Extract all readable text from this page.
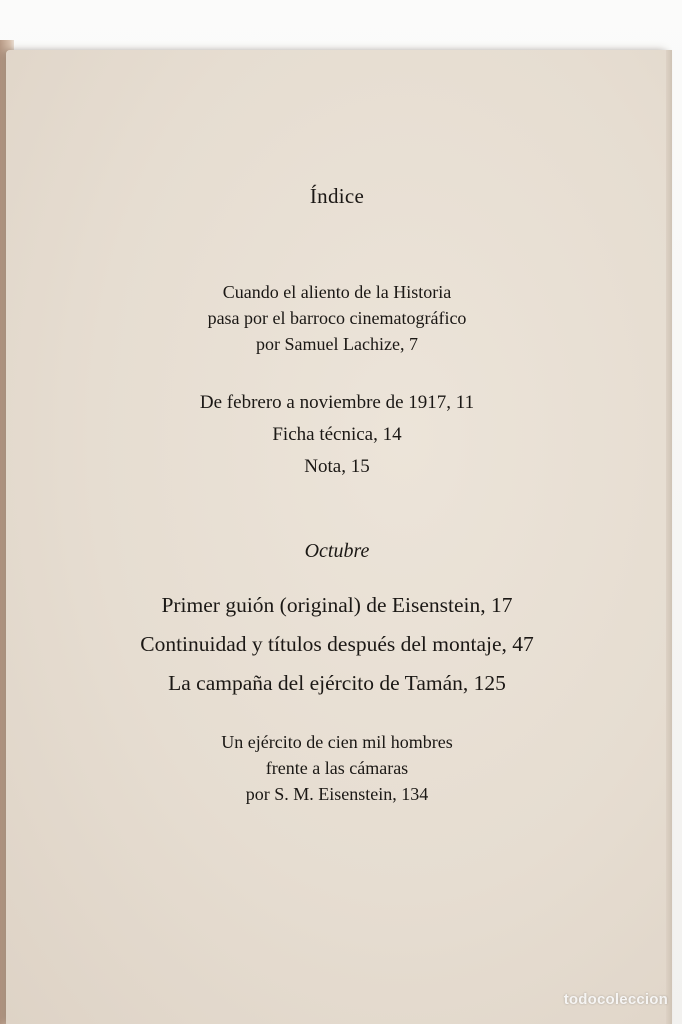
Índice
Cuando el aliento de la Historia
pasa por el barroco cinematográfico
por Samuel Lachize, 7
De febrero a noviembre de 1917, 11
Ficha técnica, 14
Nota, 15
Octubre
Primer guión (original) de Eisenstein, 17
Continuidad y títulos después del montaje, 47
La campaña del ejército de Tamán, 125
Un ejército de cien mil hombres
frente a las cámaras
por S. M. Eisenstein, 134
todocoleccion
